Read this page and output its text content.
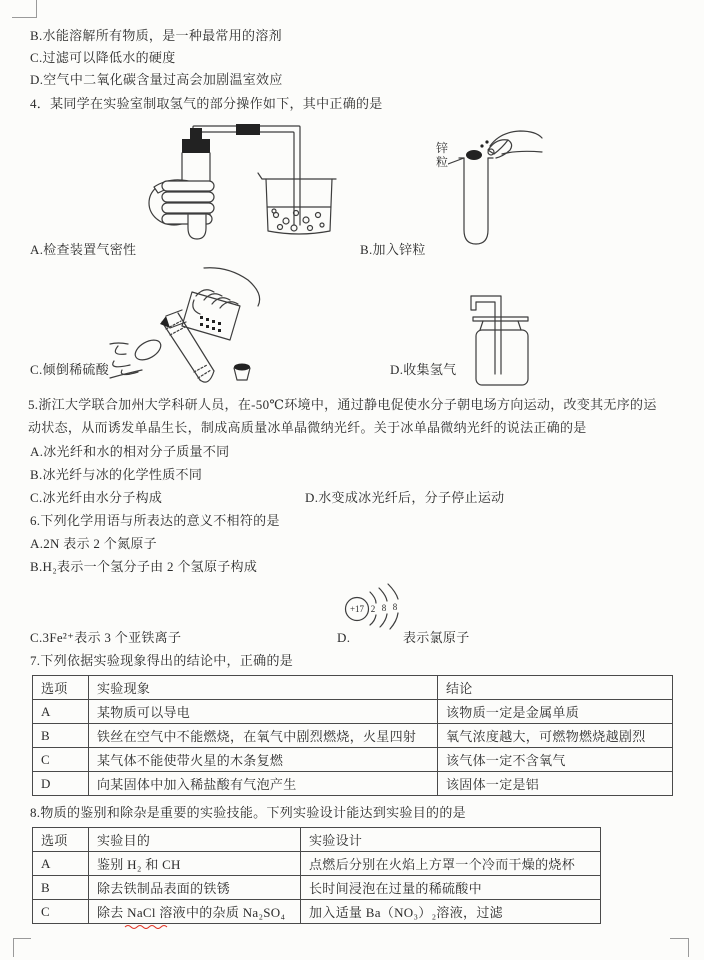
B.水能溶解所有物质，是一种最常用的溶剂
C.过滤可以降低水的硬度
D.空气中二氧化碳含量过高会加剧温室效应
4．某同学在实验室制取氢气的部分操作如下，其中正确的是
锌粒
A.检查装置气密性	B.加入锌粒
C.倾倒稀硫酸	D.收集氢气
5.浙江大学联合加州大学科研人员，在-50℃环境中，通过静电促使水分子朝电场方向运动，改变其无序的运
动状态，从而诱发单晶生长，制成高质量冰单晶微纳光纤。关于冰单晶微纳光纤的说法正确的是
A.冰光纤和水的相对分子质量不同
B.冰光纤与冰的化学性质不同
C.冰光纤由水分子构成	D.水变成冰光纤后，分子停止运动
6.下列化学用语与所表达的意义不相符的是
A.2N 表示 2 个氮原子
B.H₂表示一个氢分子由 2 个氢原子构成
+17 2 8 8
C.3Fe²⁺表示 3 个亚铁离子	D.	表示氯原子
7.下列依据实验现象得出的结论中，正确的是
选项	实验现象	结论
A	某物质可以导电	该物质一定是金属单质
B	铁丝在空气中不能燃烧，在氧气中剧烈燃烧，火星四射	氧气浓度越大，可燃物燃烧越剧烈
C	某气体不能使带火星的木条复燃	该气体一定不含氧气
D	向某固体中加入稀盐酸有气泡产生	该固体一定是铝
8.物质的鉴别和除杂是重要的实验技能。下列实验设计能达到实验目的的是
选项	实验目的	实验设计
A	鉴别 H₂ 和 CH	点燃后分别在火焰上方罩一个冷而干燥的烧杯
B	除去铁制品表面的铁锈	长时间浸泡在过量的稀硫酸中
C	除去 NaCl 溶液中的杂质 Na₂SO₄	加入适量 Ba（NO₃）₂溶液，过滤
